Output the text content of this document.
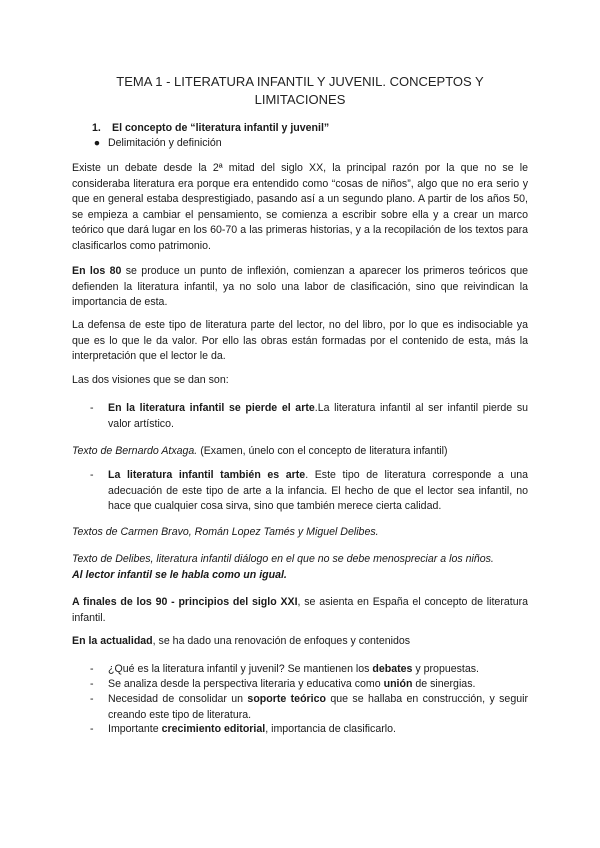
TEMA 1 - LITERATURA INFANTIL Y JUVENIL. CONCEPTOS Y
LIMITACIONES
1. El concepto de “literatura infantil y juvenil”
● Delimitación y definición
Existe un debate desde la 2ª mitad del siglo XX, la principal razón por la que no se le consideraba literatura era porque era entendido como “cosas de niños”, algo que no era serio y que en general estaba desprestigiado, pasando así a un segundo plano. A partir de los años 50, se empieza a cambiar el pensamiento, se comienza a escribir sobre ella y a crear un marco teórico que dará lugar en los 60-70 a las primeras historias, y a la recopilación de los textos para clasificarlos como patrimonio.
En los 80 se produce un punto de inflexión, comienzan a aparecer los primeros teóricos que defienden la literatura infantil, ya no solo una labor de clasificación, sino que reivindican la importancia de esta.
La defensa de este tipo de literatura parte del lector, no del libro, por lo que es indisociable ya que es lo que le da valor. Por ello las obras están formadas por el contenido de esta, más la interpretación que el lector le da.
Las dos visiones que se dan son:
- En la literatura infantil se pierde el arte.La literatura infantil al ser infantil pierde su valor artístico.
Texto de Bernardo Atxaga. (Examen, únelo con el concepto de literatura infantil)
- La literatura infantil también es arte. Este tipo de literatura corresponde a una adecuación de este tipo de arte a la infancia. El hecho de que el lector sea infantil, no hace que cualquier cosa sirva, sino que también merece cierta calidad.
Textos de Carmen Bravo, Román Lopez Tamés y Miguel Delibes.
Texto de Delibes, literatura infantil diálogo en el que no se debe menospreciar a los niños.
Al lector infantil se le habla como un igual.
A finales de los 90 - principios del siglo XXI, se asienta en España el concepto de literatura infantil.
En la actualidad, se ha dado una renovación de enfoques y contenidos
- ¿Qué es la literatura infantil y juvenil? Se mantienen los debates y propuestas.
- Se analiza desde la perspectiva literaria y educativa como unión de sinergias.
- Necesidad de consolidar un soporte teórico que se hallaba en construcción, y seguir creando este tipo de literatura.
- Importante crecimiento editorial, importancia de clasificarlo.
